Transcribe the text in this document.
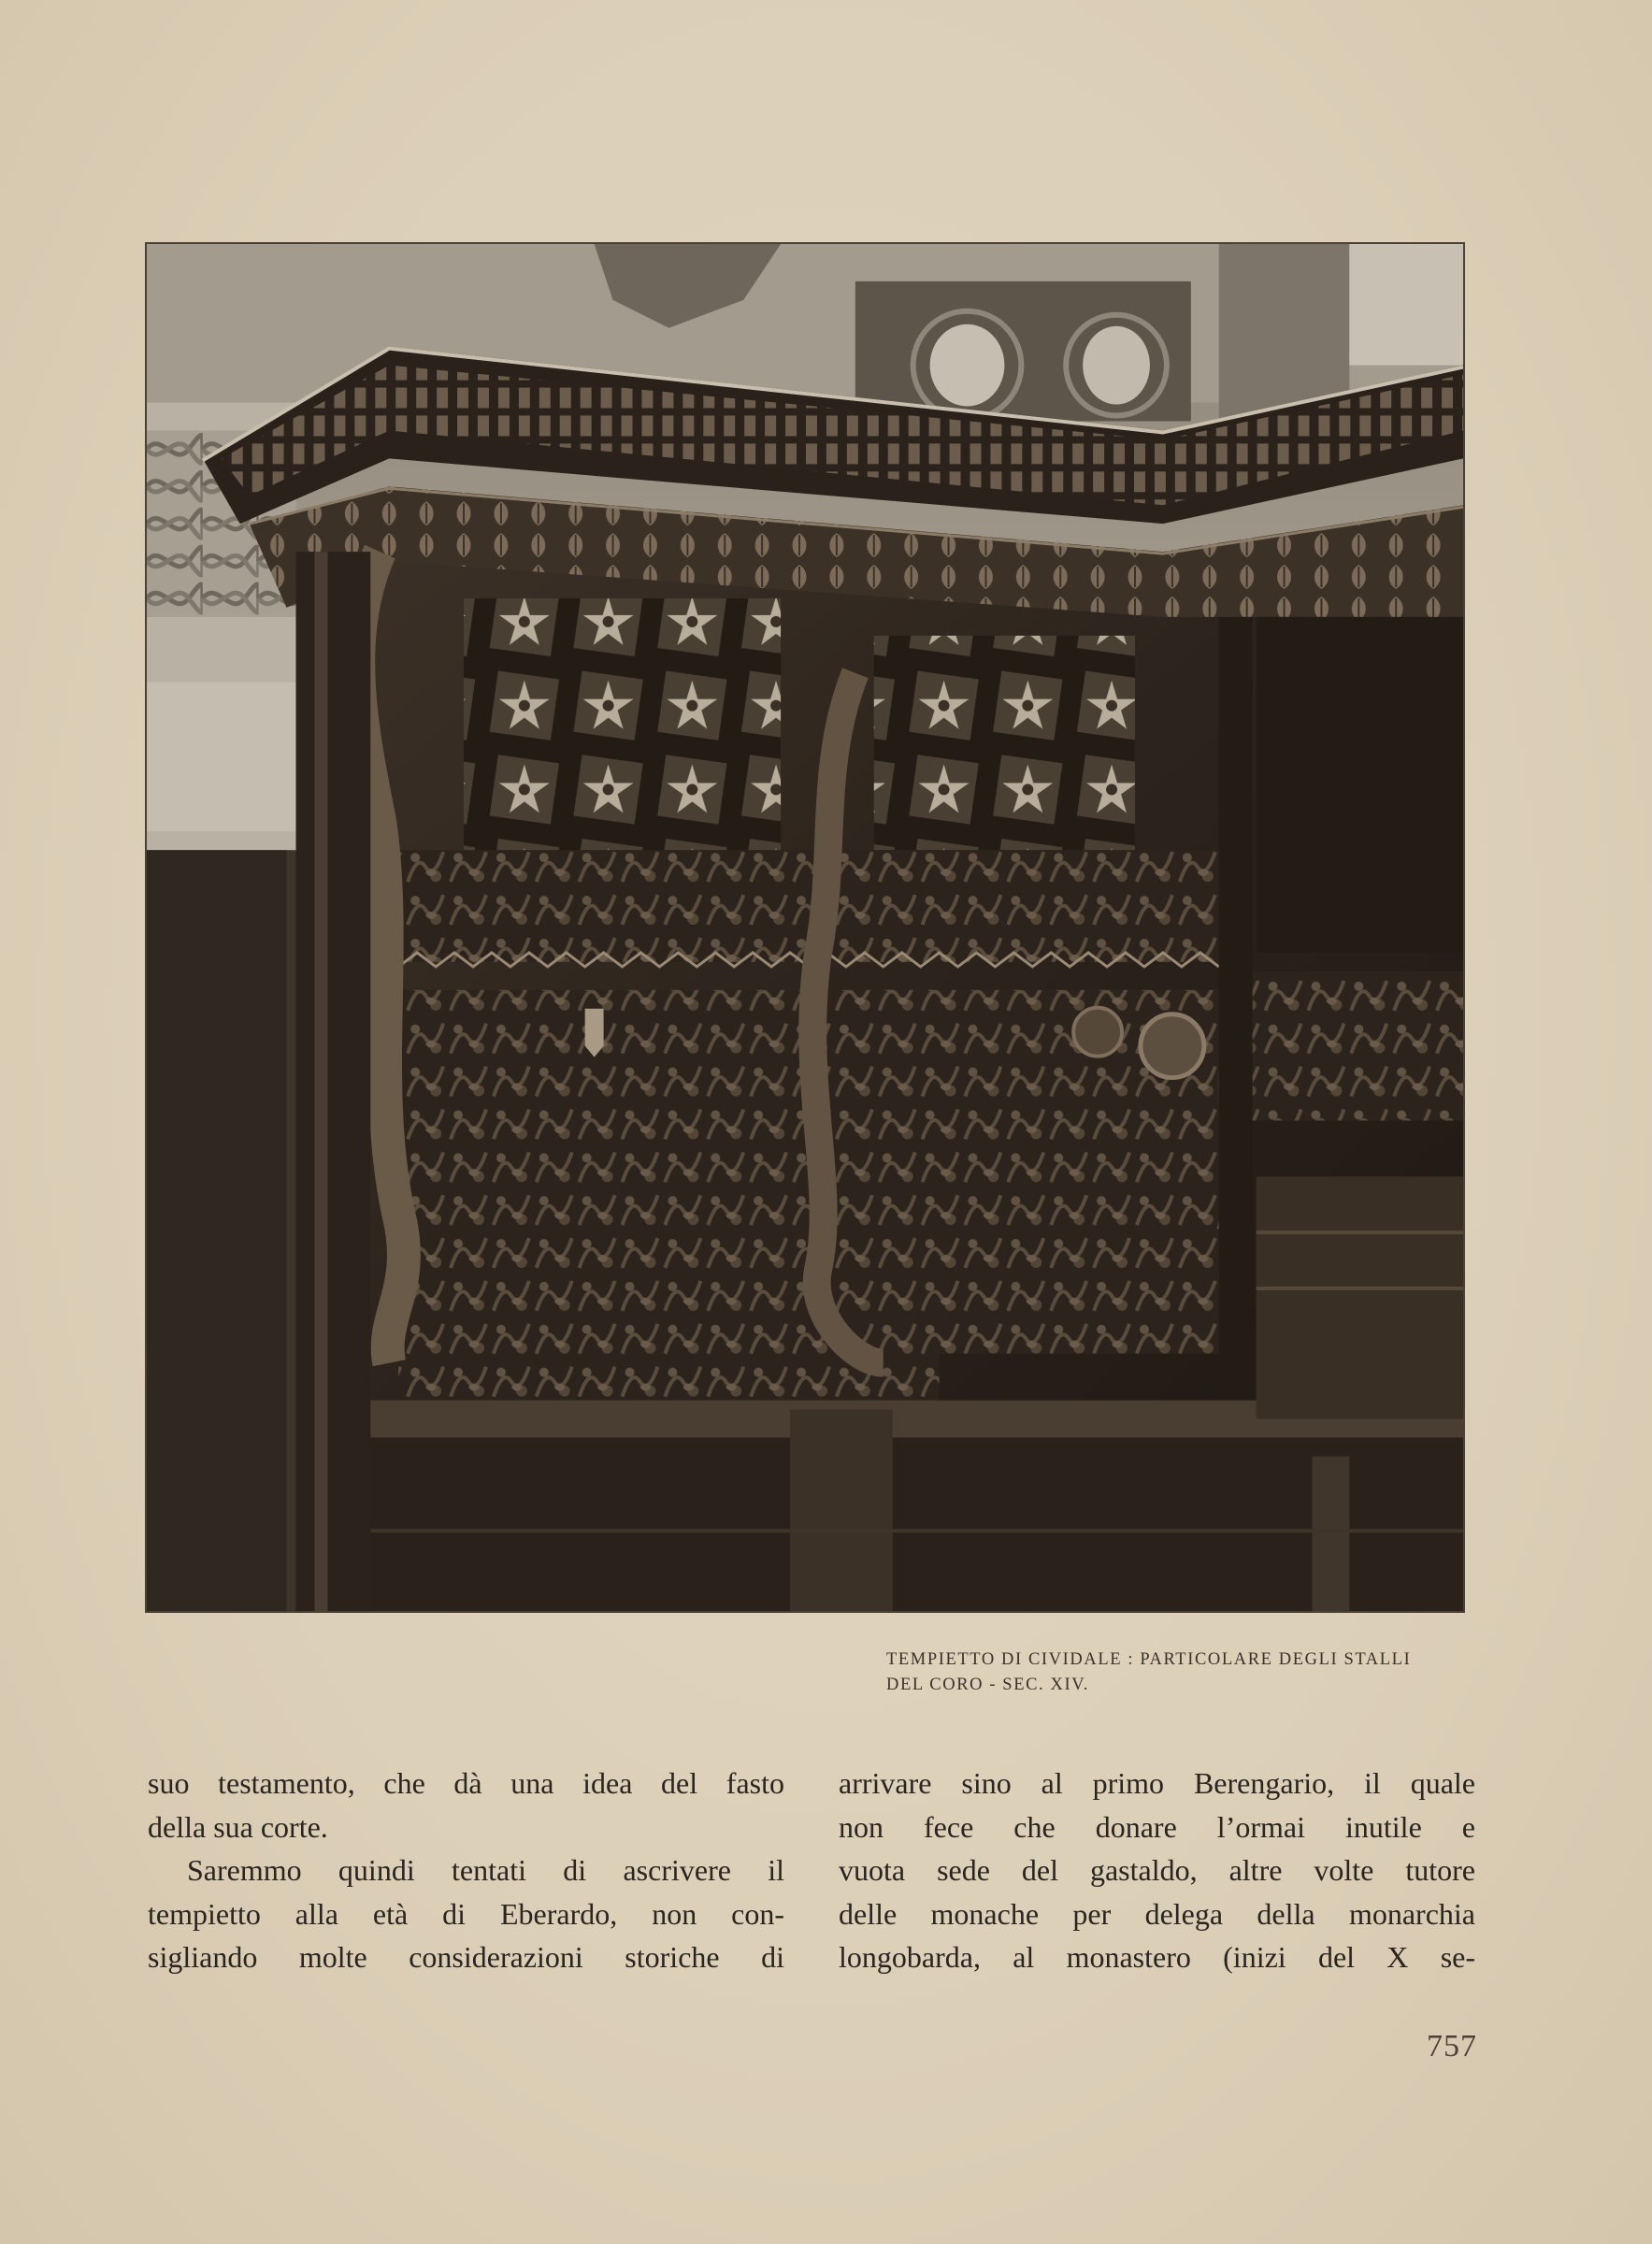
TEMPIETTO DI CIVIDALE : PARTICOLARE DEGLI STALLI
DEL CORO - SEC. XIV.
suo testamento, che dà una idea del fasto
della sua corte.
Saremmo quindi tentati di ascrivere il
tempietto alla età di Eberardo, non con-
sigliando molte considerazioni storiche di
arrivare sino al primo Berengario, il quale
non fece che donare l’ormai inutile e
vuota sede del gastaldo, altre volte tutore
delle monache per delega della monarchia
longobarda, al monastero (inizi del X se-
757
